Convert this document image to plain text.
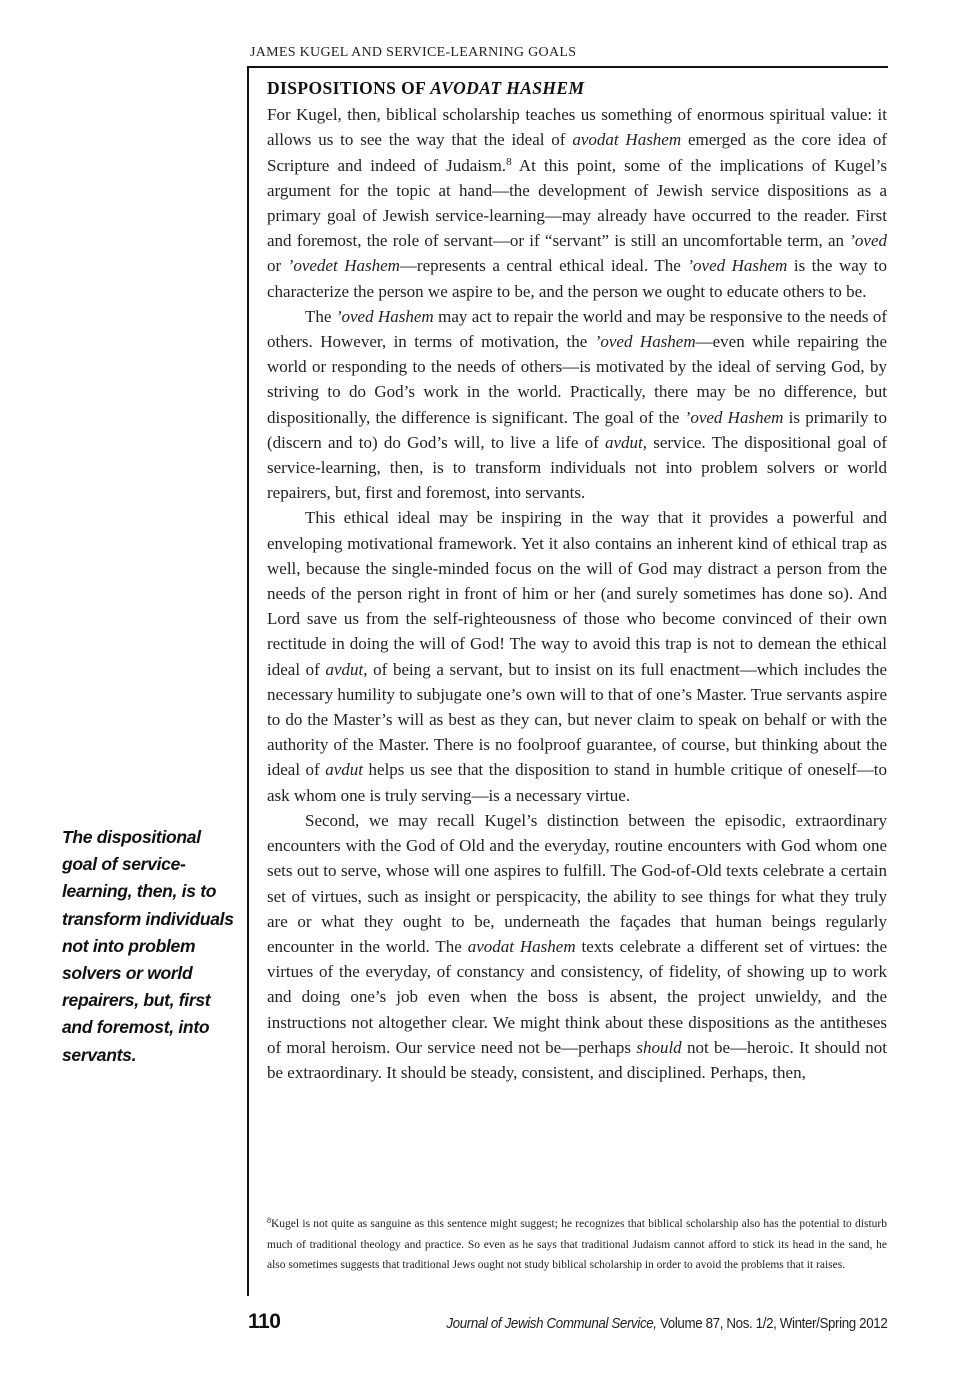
JAMES KUGEL AND SERVICE-LEARNING GOALS
DISPOSITIONS OF AVODAT HASHEM

For Kugel, then, biblical scholarship teaches us something of enormous spiritual value: it allows us to see the way that the ideal of avodat Hashem emerged as the core idea of Scripture and indeed of Judaism.$^8$ At this point, some of the implications of Kugel’s argument for the topic at hand—the development of Jewish service dispositions as a primary goal of Jewish service-learning—may already have occurred to the reader. First and foremost, the role of servant—or if “servant” is still an uncomfortable term, an ’oved or ’ovedet Hashem—represents a central ethical ideal. The ’oved Hashem is the way to characterize the person we aspire to be, and the person we ought to educate others to be.

The ’oved Hashem may act to repair the world and may be responsive to the needs of others. However, in terms of motivation, the ’oved Hashem—even while repairing the world or responding to the needs of others—is motivated by the ideal of serving God, by striving to do God’s work in the world. Practically, there may be no difference, but dispositionally, the difference is significant. The goal of the ’oved Hashem is primarily to (discern and to) do God’s will, to live a life of avdut, service. The dispositional goal of service-learning, then, is to transform individuals not into problem solvers or world repairers, but, first and foremost, into servants.

This ethical ideal may be inspiring in the way that it provides a powerful and enveloping motivational framework. Yet it also contains an inherent kind of ethical trap as well, because the single-minded focus on the will of God may distract a person from the needs of the person right in front of him or her (and surely sometimes has done so). And Lord save us from the self-righteousness of those who become convinced of their own rectitude in doing the will of God! The way to avoid this trap is not to demean the ethical ideal of avdut, of being a servant, but to insist on its full enactment—which includes the necessary humility to subjugate one’s own will to that of one’s Master. True servants aspire to do the Master’s will as best as they can, but never claim to speak on behalf or with the authority of the Master. There is no foolproof guarantee, of course, but thinking about the ideal of avdut helps us see that the disposition to stand in humble critique of oneself—to ask whom one is truly serving—is a necessary virtue.

Second, we may recall Kugel’s distinction between the episodic, extraordinary encounters with the God of Old and the everyday, routine encounters with God whom one sets out to serve, whose will one aspires to fulfill. The God-of-Old texts celebrate a certain set of virtues, such as insight or perspicacity, the ability to see things for what they truly are or what they ought to be, underneath the façades that human beings regularly encounter in the world. The avodat Hashem texts celebrate a different set of virtues: the virtues of the everyday, of constancy and consistency, of fidelity, of showing up to work and doing one’s job even when the boss is absent, the project unwieldy, and the instructions not altogether clear. We might think about these dispositions as the antitheses of moral heroism. Our service need not be—perhaps should not be—heroic. It should not be extraordinary. It should be steady, consistent, and disciplined. Perhaps, then,

The dispositional goal of service-learning, then, is to transform individuals not into problem solvers or world repairers, but, first and foremost, into servants.
$^8$Kugel is not quite as sanguine as this sentence might suggest; he recognizes that biblical scholarship also has the potential to disturb much of traditional theology and practice. So even as he says that traditional Judaism cannot afford to stick its head in the sand, he also sometimes suggests that traditional Jews ought not study biblical scholarship in order to avoid the problems that it raises.
110	Journal of Jewish Communal Service, Volume 87, Nos. 1/2, Winter/Spring 2012
